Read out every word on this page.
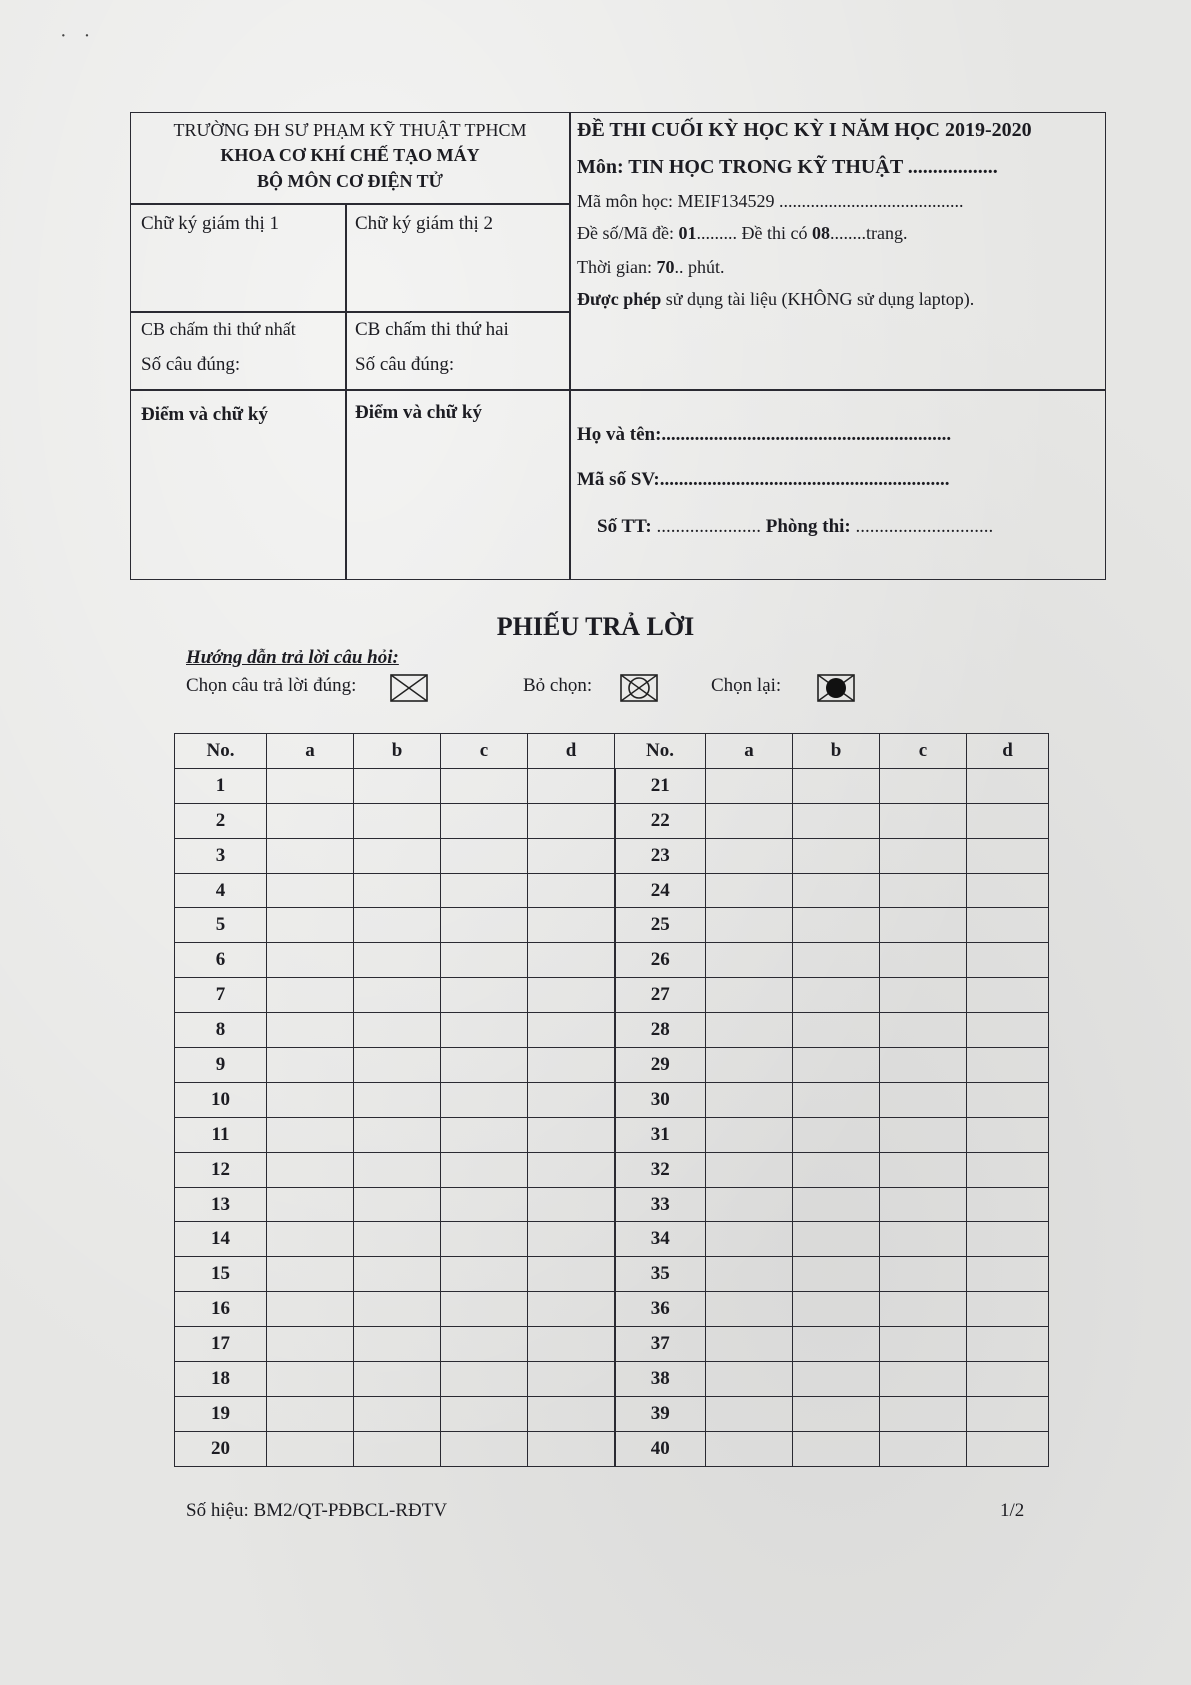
· ·
TRƯỜNG ĐH SƯ PHẠM KỸ THUẬT TPHCM
KHOA CƠ KHÍ CHẾ TẠO MÁY
BỘ MÔN CƠ ĐIỆN TỬ
Chữ ký giám thị 1	Chữ ký giám thị 2
CB chấm thi thứ nhất	CB chấm thi thứ hai
Số câu đúng:	Số câu đúng:
Điểm và chữ ký	Điểm và chữ ký
ĐỀ THI CUỐI KỲ HỌC KỲ I NĂM HỌC 2019-2020
Môn: TIN HỌC TRONG KỸ THUẬT ..................
Mã môn học: MEIF134529 .........................................
Đề số/Mã đề: 01......... Đề thi có 08........trang.
Thời gian: 70.. phút.
Được phép sử dụng tài liệu (KHÔNG sử dụng laptop).
Họ và tên:.............................................................
Mã số SV:.............................................................
Số TT: ...................... Phòng thi: .............................
PHIẾU TRẢ LỜI
Hướng dẫn trả lời câu hỏi:
Chọn câu trả lời đúng:	Bỏ chọn:	Chọn lại:
No.	a	b	c	d	No.	a	b	c	d
1					21				
2					22				
3					23				
4					24				
5					25				
6					26				
7					27				
8					28				
9					29				
10					30				
11					31				
12					32				
13					33				
14					34				
15					35				
16					36				
17					37				
18					38				
19					39				
20					40				
Số hiệu: BM2/QT-PĐBCL-RĐTV	1/2
